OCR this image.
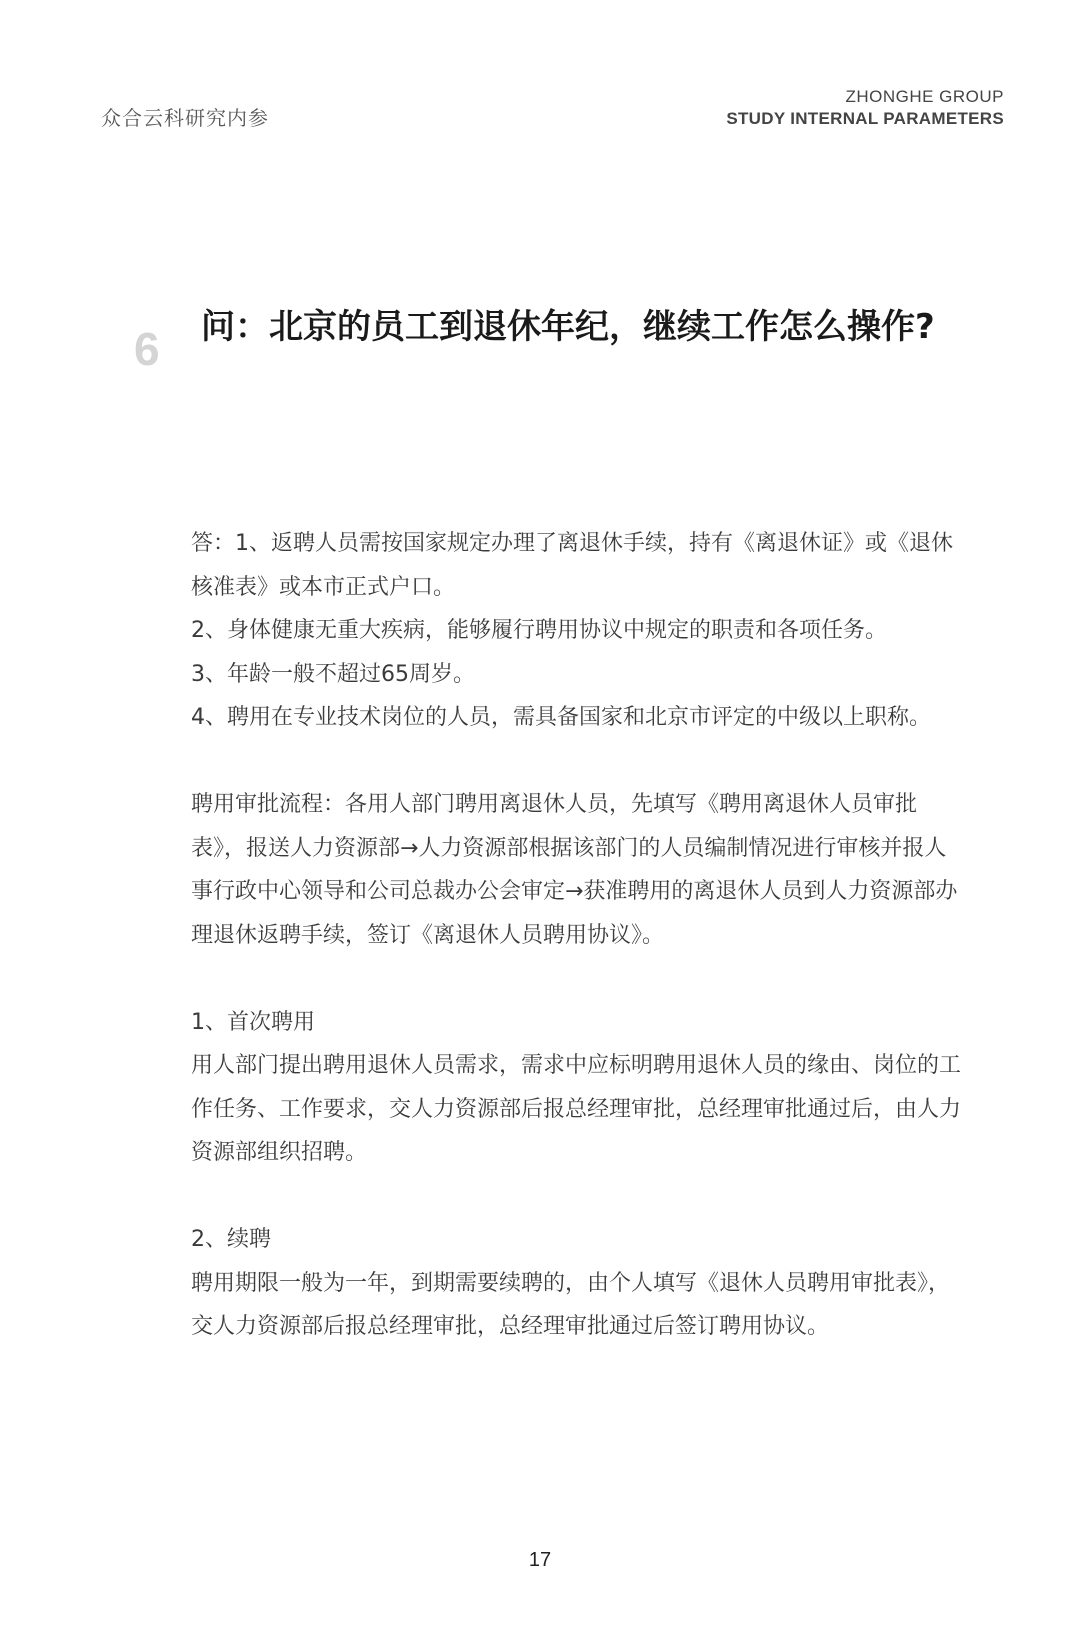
众合云科研究内参
ZHONGHE GROUP
STUDY INTERNAL PARAMETERS
6 问：北京的员工到退休年纪，继续工作怎么操作?

答：1、返聘人员需按国家规定办理了离退休手续，持有《离退休证》或《退休核准表》或本市正式户口。

2、身体健康无重大疾病，能够履行聘用协议中规定的职责和各项任务。

3、年龄一般不超过65周岁。

4、聘用在专业技术岗位的人员，需具备国家和北京市评定的中级以上职称。

聘用审批流程：各用人部门聘用离退休人员，先填写《聘用离退休人员审批表》，报送人力资源部→人力资源部根据该部门的人员编制情况进行审核并报人事行政中心领导和公司总裁办公会审定→获准聘用的离退休人员到人力资源部办理退休返聘手续，签订《离退休人员聘用协议》。

1、首次聘用

用人部门提出聘用退休人员需求，需求中应标明聘用退休人员的缘由、岗位的工作任务、工作要求，交人力资源部后报总经理审批，总经理审批通过后，由人力资源部组织招聘。

2、续聘

聘用期限一般为一年，到期需要续聘的，由个人填写《退休人员聘用审批表》，交人力资源部后报总经理审批，总经理审批通过后签订聘用协议。

17
